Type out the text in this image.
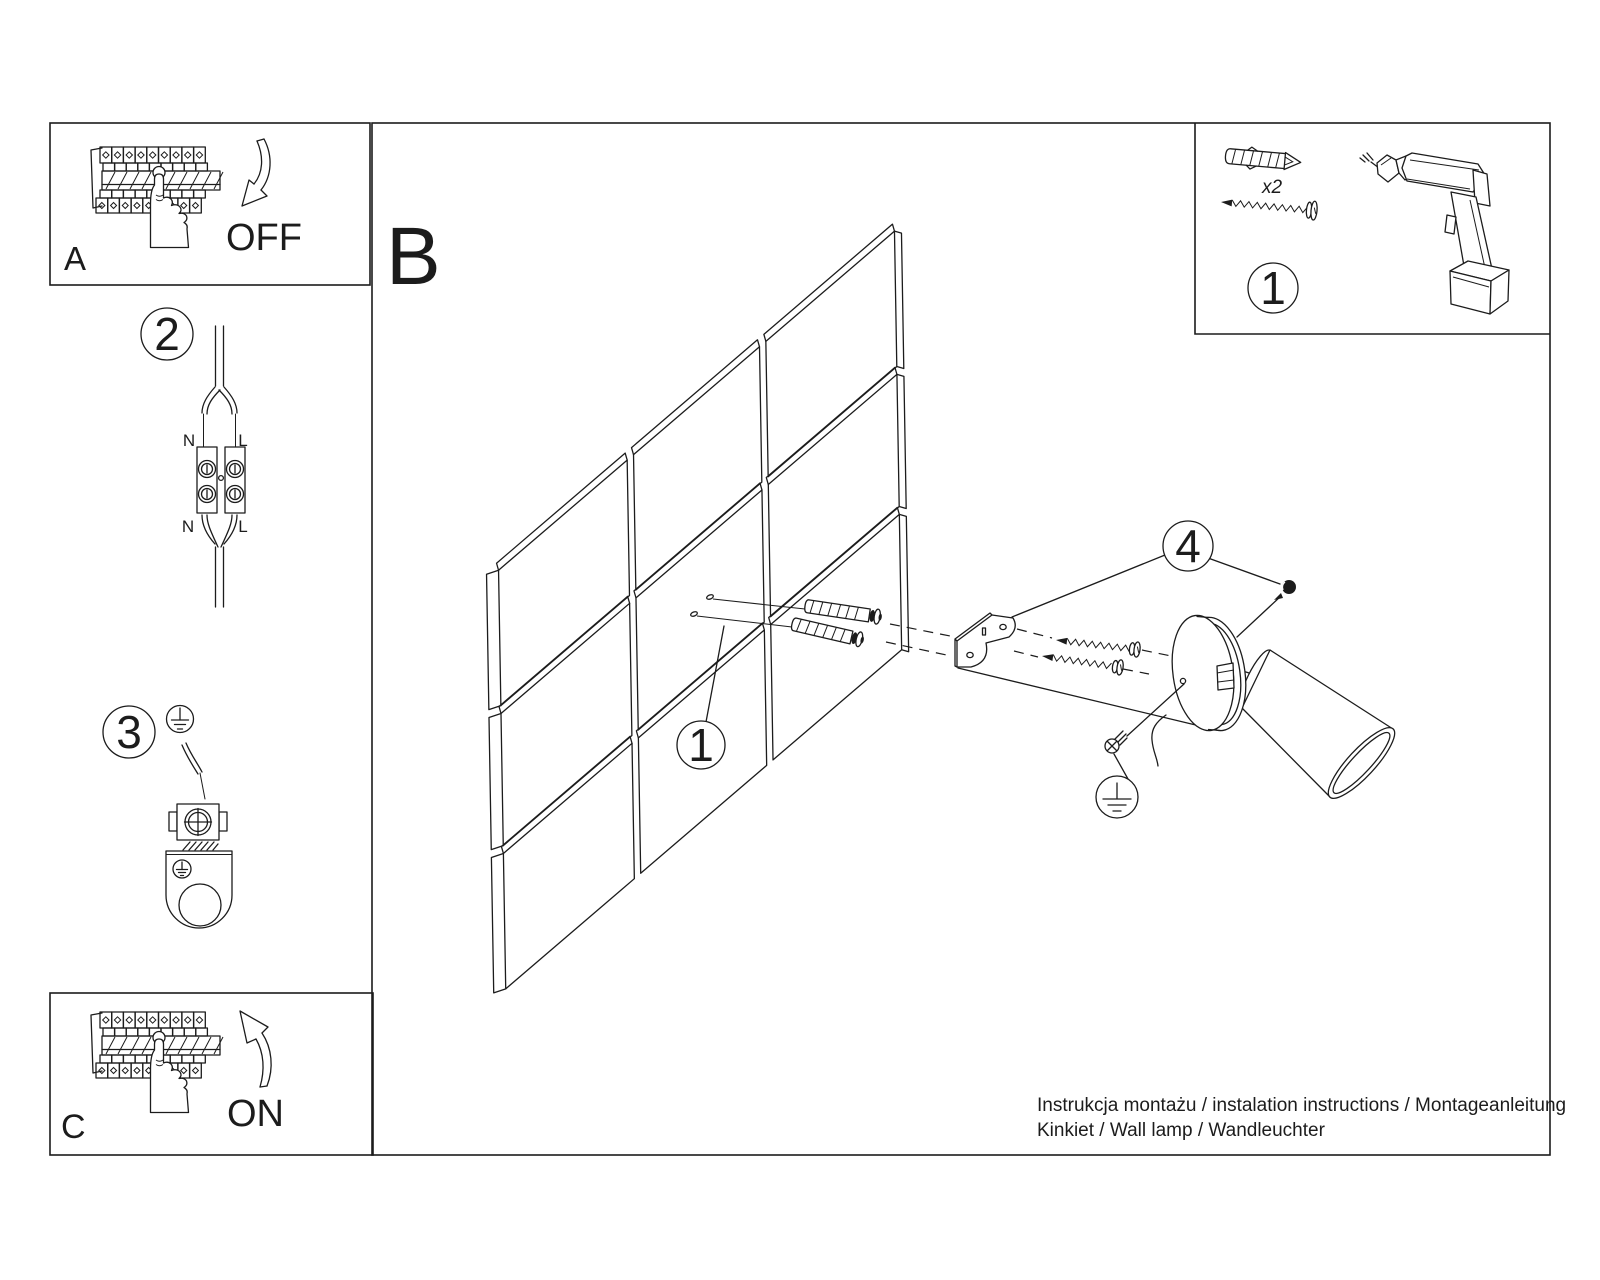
A	OFF
C	ON
B
N	L
N	L
2
3
x2
1
1
4
Instrukcja montażu / instalation instructions / Montageanleitung
Kinkiet / Wall lamp / Wandleuchter
